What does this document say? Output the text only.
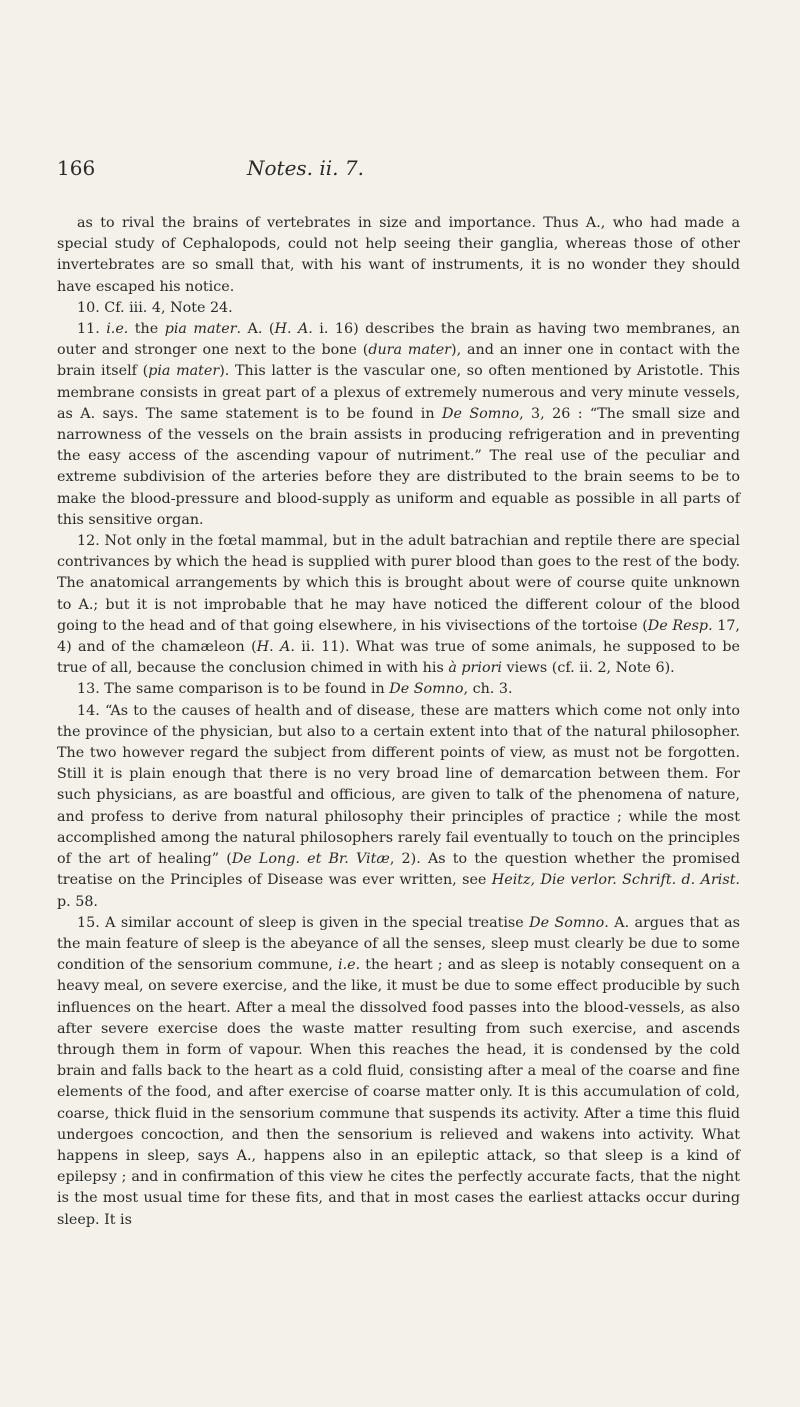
166	Notes. ii. 7.

as to rival the brains of vertebrates in size and importance. Thus A., who had made a special study of Cephalopods, could not help seeing their ganglia, whereas those of other invertebrates are so small that, with his want of instruments, it is no wonder they should have escaped his notice.

10. Cf. iii. 4, Note 24.

11. i.e. the pia mater. A. (H. A. i. 16) describes the brain as having two membranes, an outer and stronger one next to the bone (dura mater), and an inner one in contact with the brain itself (pia mater). This latter is the vascular one, so often mentioned by Aristotle. This membrane consists in great part of a plexus of extremely numerous and very minute vessels, as A. says. The same statement is to be found in De Somno, 3, 26 : “The small size and narrowness of the vessels on the brain assists in producing refrigeration and in preventing the easy access of the ascending vapour of nutriment.” The real use of the peculiar and extreme subdivision of the arteries before they are distributed to the brain seems to be to make the blood-pressure and blood-supply as uniform and equable as possible in all parts of this sensitive organ.

12. Not only in the fœtal mammal, but in the adult batrachian and reptile there are special contrivances by which the head is supplied with purer blood than goes to the rest of the body. The anatomical arrangements by which this is brought about were of course quite unknown to A.; but it is not improbable that he may have noticed the different colour of the blood going to the head and of that going elsewhere, in his vivisections of the tortoise (De Resp. 17, 4) and of the chamæleon (H. A. ii. 11). What was true of some animals, he supposed to be true of all, because the conclusion chimed in with his à priori views (cf. ii. 2, Note 6).

13. The same comparison is to be found in De Somno, ch. 3.

14. “As to the causes of health and of disease, these are matters which come not only into the province of the physician, but also to a certain extent into that of the natural philosopher. The two however regard the subject from different points of view, as must not be forgotten. Still it is plain enough that there is no very broad line of demarcation between them. For such physicians, as are boastful and officious, are given to talk of the phenomena of nature, and profess to derive from natural philosophy their principles of practice ; while the most accomplished among the natural philosophers rarely fail eventually to touch on the principles of the art of healing” (De Long. et Br. Vitæ, 2). As to the question whether the promised treatise on the Principles of Disease was ever written, see Heitz, Die verlor. Schrift. d. Arist. p. 58.

15. A similar account of sleep is given in the special treatise De Somno. A. argues that as the main feature of sleep is the abeyance of all the senses, sleep must clearly be due to some condition of the sensorium commune, i.e. the heart ; and as sleep is notably consequent on a heavy meal, on severe exercise, and the like, it must be due to some effect producible by such influences on the heart. After a meal the dissolved food passes into the blood-vessels, as also after severe exercise does the waste matter resulting from such exercise, and ascends through them in form of vapour. When this reaches the head, it is condensed by the cold brain and falls back to the heart as a cold fluid, consisting after a meal of the coarse and fine elements of the food, and after exercise of coarse matter only. It is this accumulation of cold, coarse, thick fluid in the sensorium commune that suspends its activity. After a time this fluid undergoes concoction, and then the sensorium is relieved and wakens into activity. What happens in sleep, says A., happens also in an epileptic attack, so that sleep is a kind of epilepsy ; and in confirmation of this view he cites the perfectly accurate facts, that the night is the most usual time for these fits, and that in most cases the earliest attacks occur during sleep. It is
